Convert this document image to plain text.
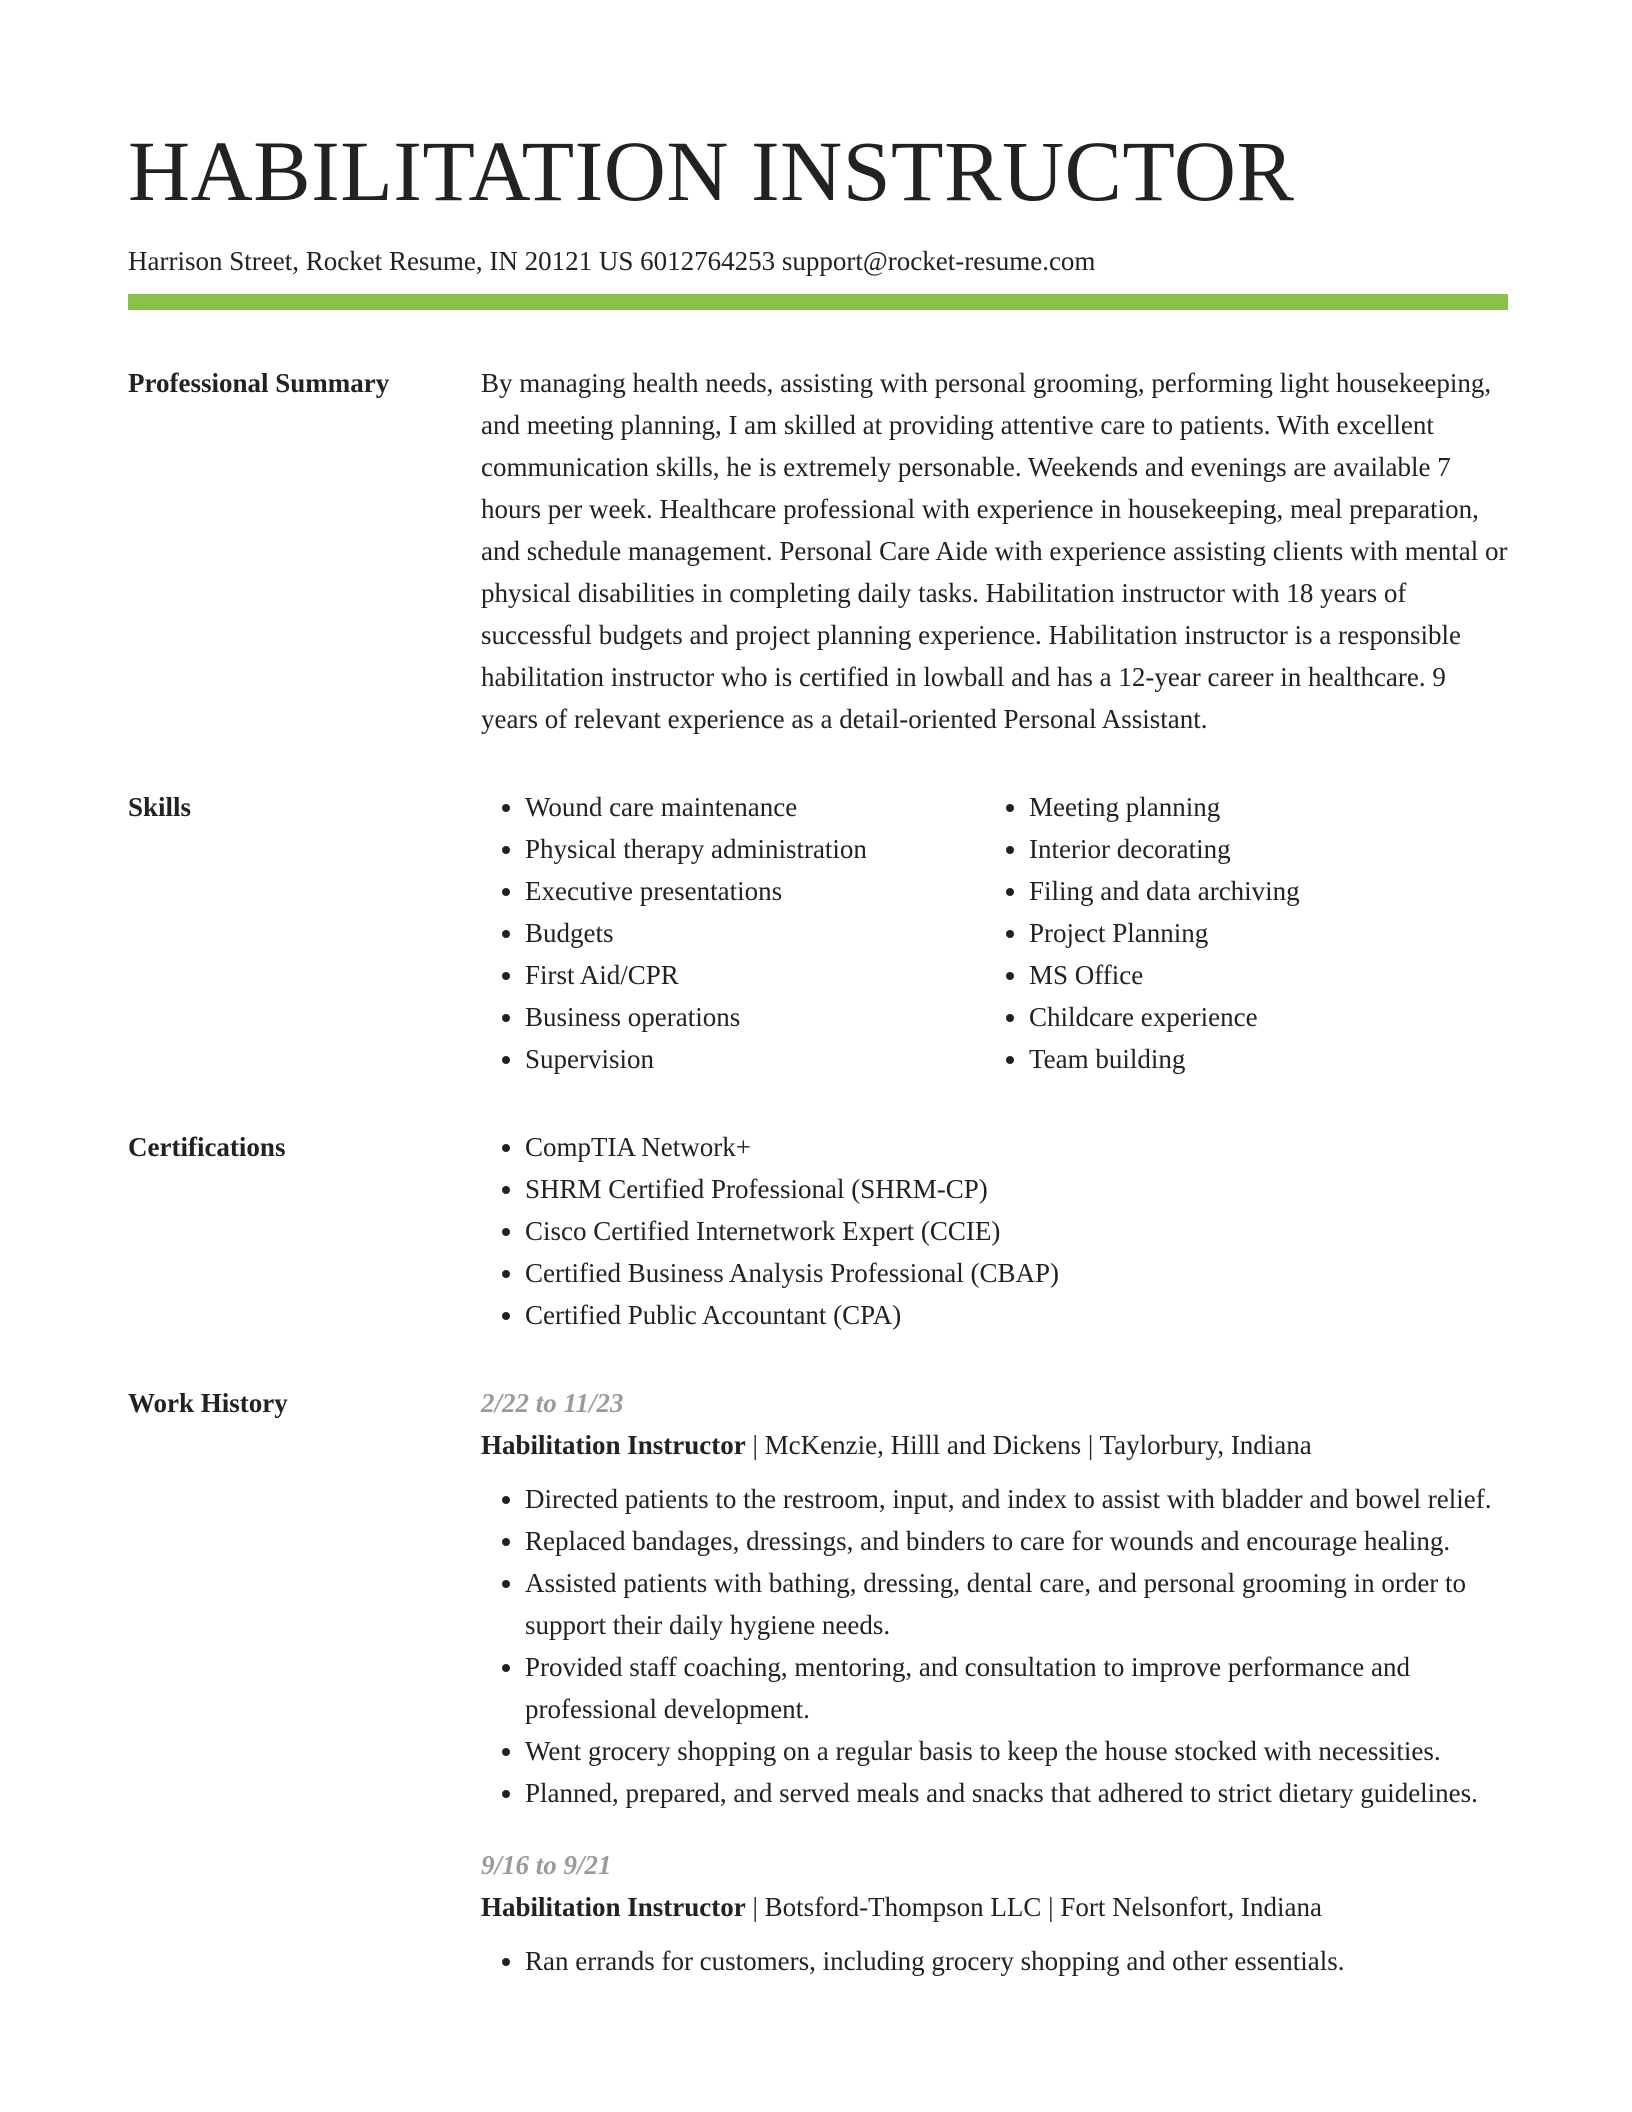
HABILITATION INSTRUCTOR
Harrison Street, Rocket Resume, IN 20121 US 6012764253 support@rocket-resume.com
Professional Summary	By managing health needs, assisting with personal grooming, performing light housekeeping, and meeting planning, I am skilled at providing attentive care to patients. With excellent communication skills, he is extremely personable. Weekends and evenings are available 7 hours per week. Healthcare professional with experience in housekeeping, meal preparation, and schedule management. Personal Care Aide with experience assisting clients with mental or physical disabilities in completing daily tasks. Habilitation instructor with 18 years of successful budgets and project planning experience. Habilitation instructor is a responsible habilitation instructor who is certified in lowball and has a 12-year career in healthcare. 9 years of relevant experience as a detail-oriented Personal Assistant.

Skills	• Wound care maintenance
• Physical therapy administration
• Executive presentations
• Budgets
• First Aid/CPR
• Business operations
• Supervision
• Meeting planning
• Interior decorating
• Filing and data archiving
• Project Planning
• MS Office
• Childcare experience
• Team building
Certifications	• CompTIA Network+
• SHRM Certified Professional (SHRM-CP)
• Cisco Certified Internetwork Expert (CCIE)
• Certified Business Analysis Professional (CBAP)
• Certified Public Accountant (CPA)
Work History	2/22 to 11/23
Habilitation Instructor | McKenzie, Hilll and Dickens | Taylorbury, Indiana
• Directed patients to the restroom, input, and index to assist with bladder and bowel relief.
• Replaced bandages, dressings, and binders to care for wounds and encourage healing.
• Assisted patients with bathing, dressing, dental care, and personal grooming in order to support their daily hygiene needs.
• Provided staff coaching, mentoring, and consultation to improve performance and professional development.
• Went grocery shopping on a regular basis to keep the house stocked with necessities.
• Planned, prepared, and served meals and snacks that adhered to strict dietary guidelines.
9/16 to 9/21
Habilitation Instructor | Botsford-Thompson LLC | Fort Nelsonfort, Indiana
• Ran errands for customers, including grocery shopping and other essentials.
